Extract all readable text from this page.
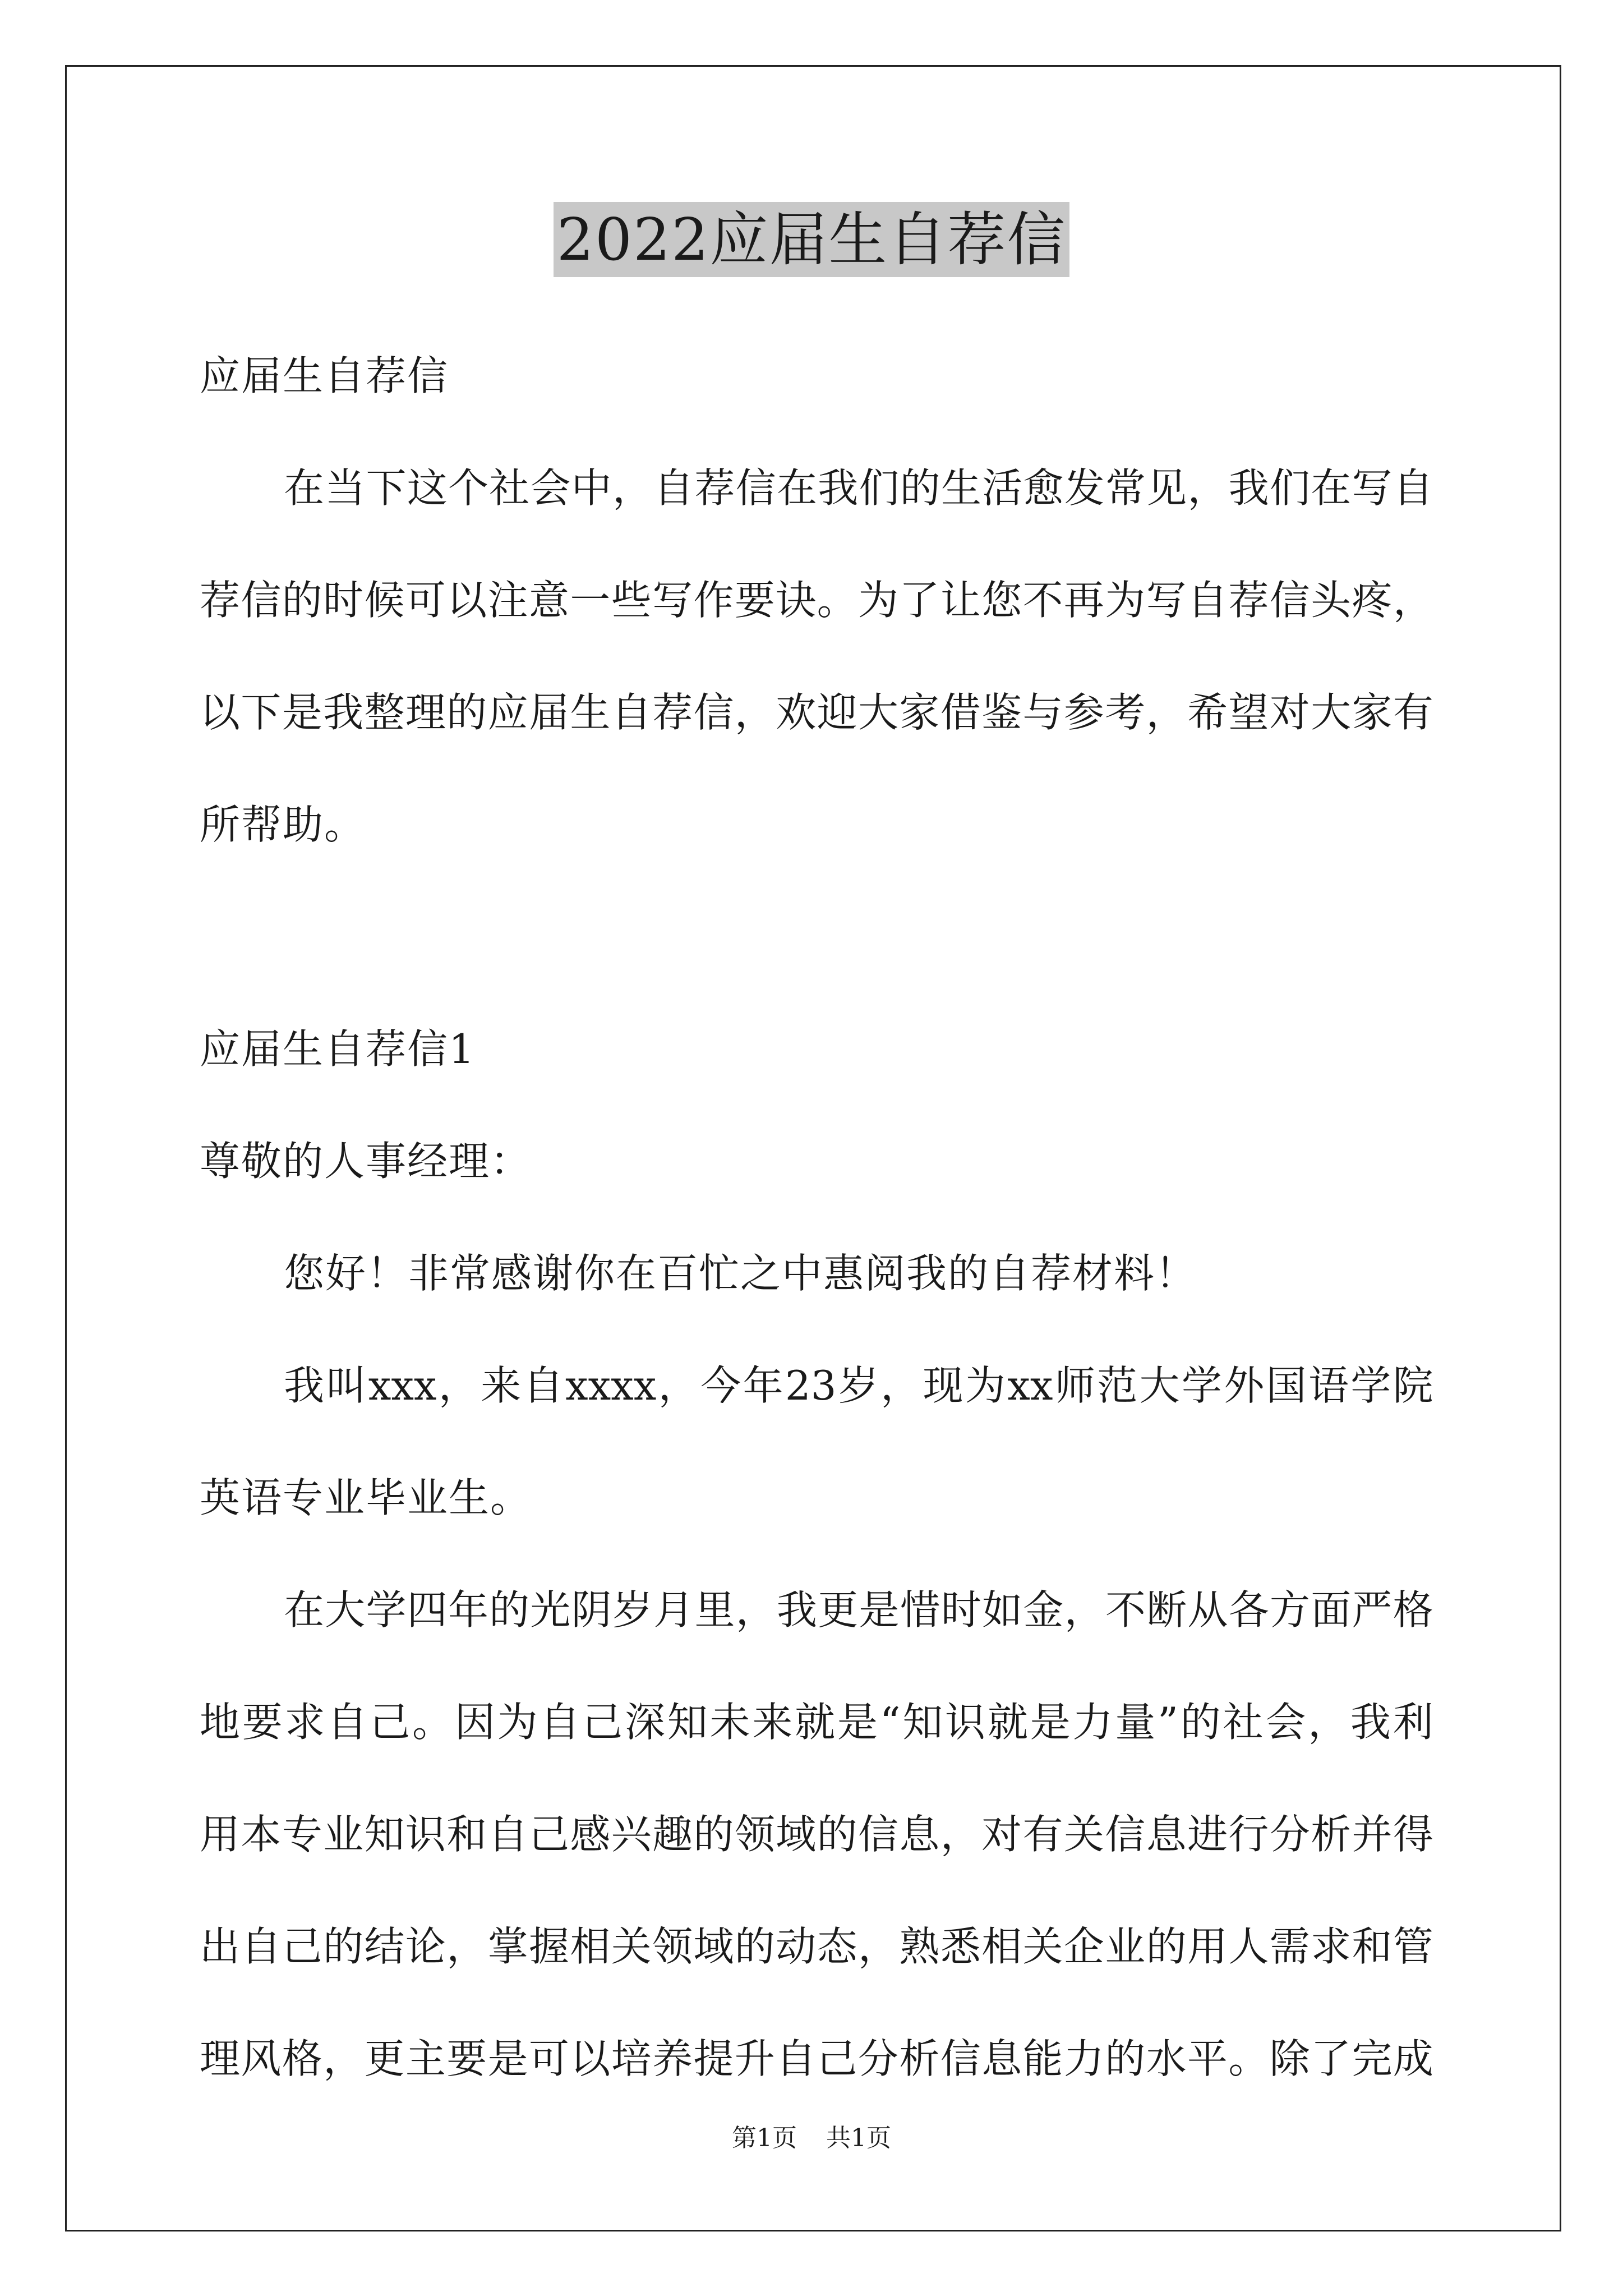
2022应届生自荐信
应届生自荐信
在 当 下 这 个 社 会 中 ， 自 荐 信 在 我 们 的 生 活 愈 发 常 见 ， 我 们 在 写 自
荐 信 的 时 候 可 以 注 意 一 些 写 作 要 诀 。 为 了 让 您 不 再 为 写 自 荐 信 头 疼 ，
以 下 是 我 整 理 的 应 届 生 自 荐 信 ， 欢 迎 大 家 借 鉴 与 参 考 ， 希 望 对 大 家 有
所帮助。
应届生自荐信1
尊敬的人事经理：
您好！非常感谢你在百忙之中惠阅我的自荐材料！
我 叫 xxx ， 来 自 xxxx ， 今 年 23 岁 ， 现 为 xx 师 范 大 学 外 国 语 学 院
英语专业毕业生。
在 大 学 四 年 的 光 阴 岁 月 里 ， 我 更 是 惜 时 如 金 ， 不 断 从 各 方 面 严 格
地 要 求 自 己 。 因 为 自 己 深 知 未 来 就 是 “ 知 识 就 是 力 量 ” 的 社 会 ， 我 利
用 本 专 业 知 识 和 自 己 感 兴 趣 的 领 域 的 信 息 ， 对 有 关 信 息 进 行 分 析 并 得
出 自 己 的 结 论 ， 掌 握 相 关 领 域 的 动 态 ， 熟 悉 相 关 企 业 的 用 人 需 求 和 管
理 风 格 ， 更 主 要 是 可 以 培 养 提 升 自 己 分 析 信 息 能 力 的 水 平 。 除 了 完 成
第1页 共1页
